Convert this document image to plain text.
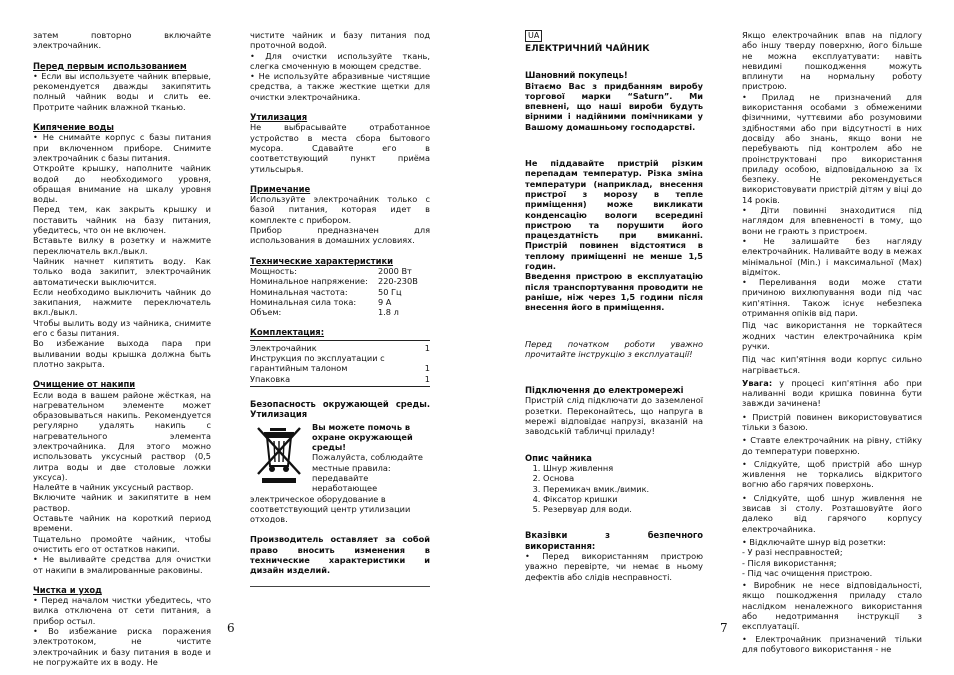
затем повторно включайте электрочайник.

Перед первым использованием

• Если вы используете чайник впервые, рекомендуется дважды закипятить полный чайник воды и слить ее. Протрите чайник влажной тканью.

Кипячение воды

• Не снимайте корпус с базы питания при включенном приборе. Снимите электрочайник с базы питания.

Откройте крышку, наполните чайник водой до необходимого уровня, обращая внимание на шкалу уровня воды.

Перед тем, как закрыть крышку и поставить чайник на базу питания, убедитесь, что он не включен.

Вставьте вилку в розетку и нажмите переключатель вкл./выкл.

Чайник начнет кипятить воду. Как только вода закипит, электрочайник автоматически выключится.

Если необходимо выключить чайник до закипания, нажмите переключатель вкл./выкл.

Чтобы вылить воду из чайника, снимите его с базы питания.

Во избежание выхода пара при выливании воды крышка должна быть плотно закрыта.

Очищение от накипи

Если вода в вашем районе жёсткая, на нагревательном элементе может образовываться накипь. Рекомендуется регулярно удалять накипь с нагревательного элемента электрочайника. Для этого можно использовать уксусный раствор (0,5 литра воды и две столовые ложки уксуса).

Налейте в чайник уксусный раствор.

Включите чайник и закипятите в нем раствор.

Оставьте чайник на короткий период времени.

Тщательно промойте чайник, чтобы очистить его от остатков накипи.

• Не выливайте средства для очистки от накипи в эмалированные раковины.

Чистка и уход

• Перед началом чистки убедитесь, что вилка отключена от сети питания, а прибор остыл.

• Во избежание риска поражения электротоком, не чистите электрочайник и базу питания в воде и не погружайте их в воду. Не

чистите чайник и базу питания под проточной водой.

• Для очистки используйте ткань, слегка смоченную в моющем средстве.

• Не используйте абразивные чистящие средства, а также жесткие щетки для очистки электрочайника.

Утилизация

Не выбрасывайте отработанное устройство в места сбора бытового мусора. Сдавайте его в соответствующий пункт приёма утильсырья.

Примечание

Используйте электрочайник только с базой питания, которая идет в комплекте с прибором.

Прибор предназначен для использования в домашних условиях.

Технические характеристики
Мощность:	2000 Вт
Номинальное напряжение:	220-230В
Номинальная частота:	50 Гц
Номинальная сила тока:	9 А
Объем:	1.8 л
Комплектация:
Электрочайник	1
Инструкция по эксплуатации с гарантийным талоном	1
Упаковка	1
Безопасность окружающей среды. Утилизация

Вы можете помочь в охране окружающей среды!

Пожалуйста, соблюдайте местные правила: передавайте неработающее

электрическое оборудование в соответствующий центр утилизации отходов.

Производитель оставляет за собой право вносить изменения в технические характеристики и дизайн изделий.

UA
ЕЛЕКТРИЧНИЙ ЧАЙНИК
Шановний покупець!

Вітаємо Вас з придбанням виробу торгової марки “Saturn”. Ми впевнені, що наші вироби будуть вірними і надійними помічниками у Вашому домашньому господарстві.

Не піддавайте пристрій різким перепадам температур. Різка зміна температури (наприклад, внесення пристрої з морозу в тепле приміщення) може викликати конденсацію вологи всередині пристрою та порушити його працездатність при вмиканні. Пристрій повинен відстоятися в теплому приміщенні не менше 1,5 годин.

Введення пристрою в експлуатацію після транспортування проводити не раніше, ніж через 1,5 години після внесення його в приміщення.

Перед початком роботи уважно прочитайте інструкцію з експлуатації!

Підключення до електромережі

Пристрій слід підключати до заземленої розетки. Переконайтесь, що напруга в мережі відповідає напрузі, вказаній на заводській табличці приладу!

Опис чайника
1. Шнур живлення
2. Основа
3. Перемикач вмик./вимик.
4. Фіксатор кришки
5. Резервуар для води.
Вказівки з безпечного використання:

• Перед використанням пристрою уважно перевірте, чи немає в ньому дефектів або слідів несправності.

Якщо електрочайник впав на підлогу або іншу тверду поверхню, його більше не можна експлуатувати: навіть невидимі пошкодження можуть вплинути на нормальну роботу пристрою.

• Прилад не призначений для використання особами з обмеженими фізичними, чуттєвими або розумовими здібностями або при відсутності в них досвіду або знань, якщо вони не перебувають під контролем або не проінструктовані про використання приладу особою, відповідальною за їх безпеку. Не рекомендується використовувати пристрій дітям у віці до 14 років.

• Діти повинні знаходитися під наглядом для впевненості в тому, що вони не грають з пристроєм.

• Не залишайте без нагляду електрочайник. Наливайте воду в межах мінімальної (Min.) і максимальної (Max) відміток.

• Переливання води може стати причиною вихлюпування води під час кип'ятіння. Також існує небезпека отримання опіків від пари.

Під час використання не торкайтеся жодних частин електрочайника крім ручки.

Під час кип'ятіння води корпус сильно нагрівається.

Увага: у процесі кип'ятіння або при наливанні води кришка повинна бути завжди зачинена!

• Пристрій повинен використовуватися тільки з базою.

• Ставте електрочайник на рівну, стійку до температури поверхню.

• Слідкуйте, щоб пристрій або шнур живлення не торкались відкритого вогню або гарячих поверхонь.

• Слідкуйте, щоб шнур живлення не звисав зі столу. Розташовуйте його далеко від гарячого корпусу електрочайника.

• Відключайте шнур від розетки:

- У разі несправностей;

- Після використання;

- Під час очищення пристрою.

• Виробник не несе відповідальності, якщо пошкодження приладу стало наслідком неналежного використання або недотримання інструкції з експлуатації.

• Електрочайник призначений тільки для побутового використання - не

6	7
